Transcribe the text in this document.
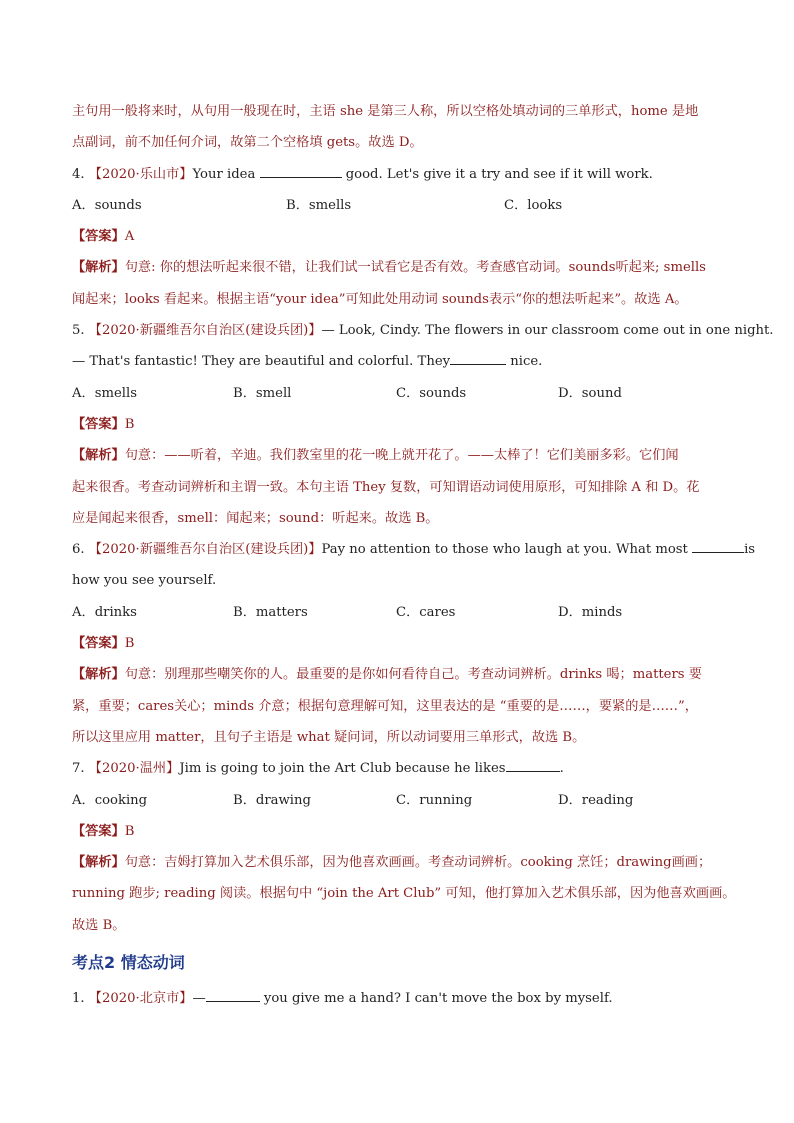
主句用一般将来时，从句用一般现在时，主语 she 是第三人称，所以空格处填动词的三单形式，home 是地
点副词，前不加任何介词，故第二个空格填 gets。故选 D。
4. 【2020·乐山市】Your idea	good. Let's give it a try and see if it will work.
A．sounds	B．smells	C．looks
【答案】A
【解析】句意: 你的想法听起来很不错，让我们试一试看它是否有效。考查感官动词。sounds听起来; smells
闻起来；looks 看起来。根据主语“your idea”可知此处用动词 sounds表示“你的想法听起来”。故选 A。
5. 【2020·新疆维吾尔自治区(建设兵团)】— Look, Cindy. The flowers in our classroom come out in one night.
— That's fantastic! They are beautiful and colorful. They	nice.
A．smells	B．smell	C．sounds	D．sound
【答案】B
【解析】句意：——听着，辛迪。我们教室里的花一晚上就开花了。——太棒了！它们美丽多彩。它们闻
起来很香。考查动词辨析和主谓一致。本句主语 They 复数，可知谓语动词使用原形，可知排除 A 和 D。花
应是闻起来很香，smell：闻起来；sound：听起来。故选 B。
6. 【2020·新疆维吾尔自治区(建设兵团)】Pay no attention to those who laugh at you. What most	is
how you see yourself.
A．drinks	B．matters	C．cares	D．minds
【答案】B
【解析】句意：别理那些嘲笑你的人。最重要的是你如何看待自己。考查动词辨析。drinks 喝；matters 要
紧，重要；cares关心；minds 介意；根据句意理解可知，这里表达的是 “重要的是……，要紧的是……”，
所以这里应用 matter，且句子主语是 what 疑问词，所以动词要用三单形式，故选 B。
7. 【2020·温州】Jim is going to join the Art Club because he likes	.
A．cooking	B．drawing	C．running	D．reading
【答案】B
【解析】句意：吉姆打算加入艺术俱乐部，因为他喜欢画画。考查动词辨析。cooking 烹饪；drawing画画；
running 跑步; reading 阅读。根据句中 “join the Art Club” 可知，他打算加入艺术俱乐部，因为他喜欢画画。
故选 B。
考点2 情态动词
1. 【2020·北京市】—	you give me a hand? I can't move the box by myself.
